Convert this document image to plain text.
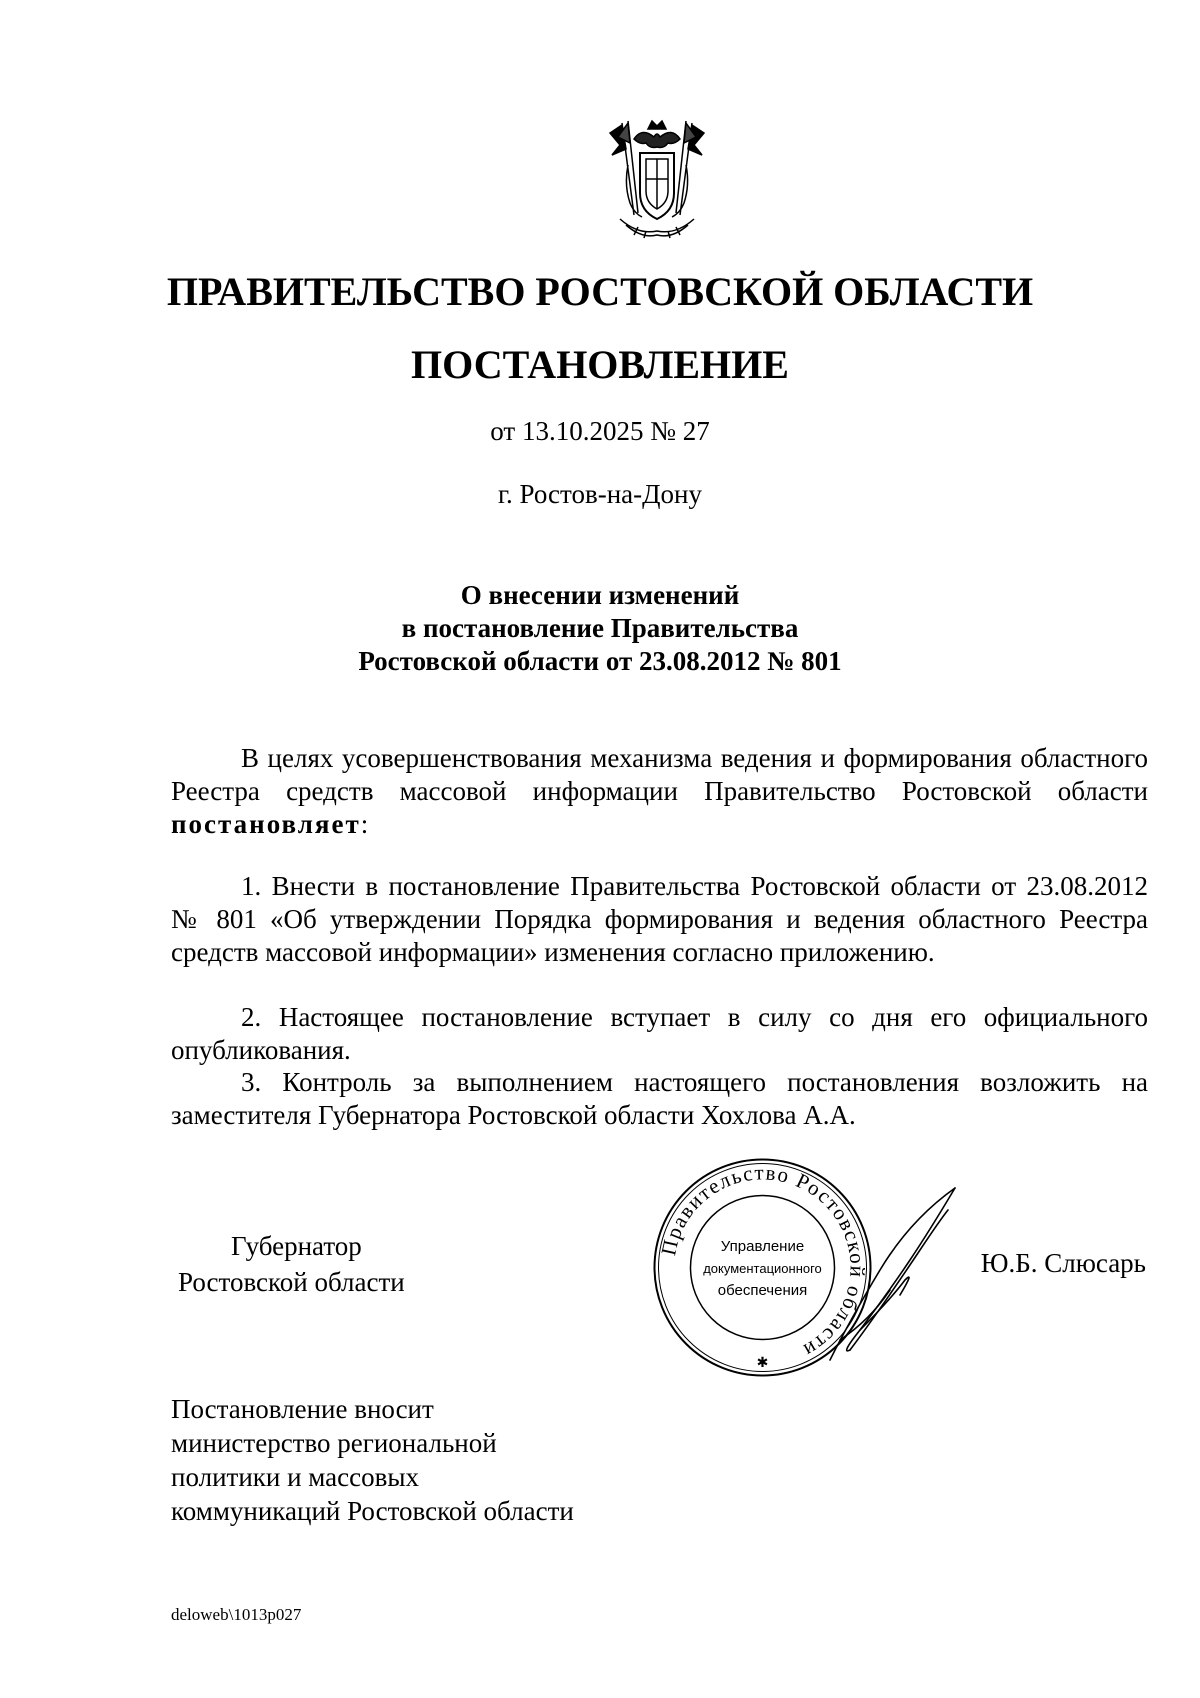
ПРАВИТЕЛЬСТВО РОСТОВСКОЙ ОБЛАСТИ
ПОСТАНОВЛЕНИЕ
от 13.10.2025 № 27
г. Ростов-на-Дону
О внесении изменений
в постановление Правительства
Ростовской области от 23.08.2012 № 801
В целях усовершенствования механизма ведения и формирования областного Реестра средств массовой информации Правительство Ростовской области постановляет:
1. Внести в постановление Правительства Ростовской области от 23.08.2012 № 801 «Об утверждении Порядка формирования и ведения областного Реестра средств массовой информации» изменения согласно приложению.
2. Настоящее постановление вступает в силу со дня его официального опубликования.
3. Контроль за выполнением настоящего постановления возложить на заместителя Губернатора Ростовской области Хохлова А.А.
Губернатор
Ростовской области
Правительство Ростовской области
Управление
документационного
обеспечения
✱
Ю.Б. Слюсарь
Постановление вносит
министерство региональной
политики и массовых
коммуникаций Ростовской области
deloweb\1013p027
